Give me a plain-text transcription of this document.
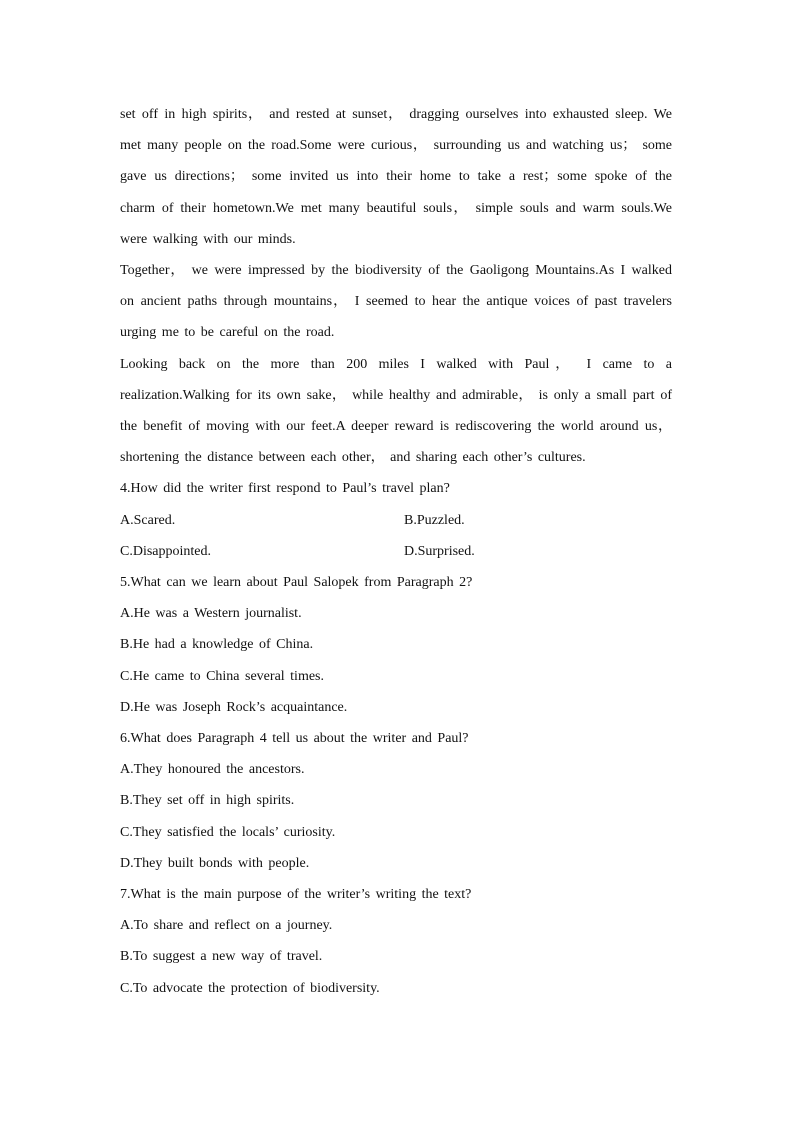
set off in high spirits， and rested at sunset， dragging ourselves into exhausted sleep. We met many people on the road.Some were curious， surrounding us and watching us； some gave us directions； some invited us into their home to take a rest；some spoke of the charm of their hometown.We met many beautiful souls， simple souls and warm souls.We were walking with our minds.

Together， we were impressed by the biodiversity of the Gaoligong Mountains.As I walked on ancient paths through mountains， I seemed to hear the antique voices of past travelers urging me to be careful on the road.

Looking back on the more than 200 miles I walked with Paul， I came to a realization.Walking for its own sake， while healthy and admirable， is only a small part of the benefit of moving with our feet.A deeper reward is rediscovering the world around us， shortening the distance between each other， and sharing each other’s cultures.

4.How did the writer first respond to Paul’s travel plan?

A.Scared.	B.Puzzled.
C.Disappointed.	D.Surprised.

5.What can we learn about Paul Salopek from Paragraph 2?

A.He was a Western journalist.

B.He had a knowledge of China.

C.He came to China several times.

D.He was Joseph Rock’s acquaintance.

6.What does Paragraph 4 tell us about the writer and Paul?

A.They honoured the ancestors.

B.They set off in high spirits.

C.They satisfied the locals’ curiosity.

D.They built bonds with people.

7.What is the main purpose of the writer’s writing the text?

A.To share and reflect on a journey.

B.To suggest a new way of travel.

C.To advocate the protection of biodiversity.
